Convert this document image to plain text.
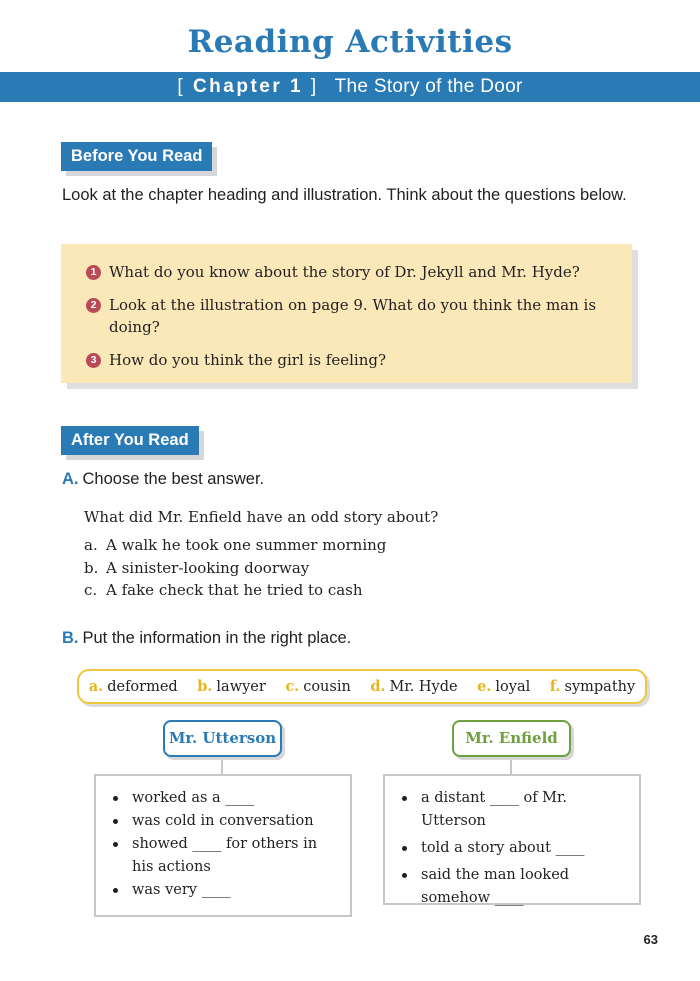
Reading Activities
[ Chapter 1 ] The Story of the Door
Before You Read
Look at the chapter heading and illustration. Think about the questions below.
1 What do you know about the story of Dr. Jekyll and Mr. Hyde?
2 Look at the illustration on page 9. What do you think the man is doing?
3 How do you think the girl is feeling?
After You Read
A. Choose the best answer.
What did Mr. Enfield have an odd story about?
a. A walk he took one summer morning
b. A sinister-looking doorway
c. A fake check that he tried to cash
B. Put the information in the right place.
a. deformed b. lawyer c. cousin d. Mr. Hyde e. loyal f. sympathy
Mr. Utterson	Mr. Enfield
worked as a ____
was cold in conversation
showed ____ for others in his actions
was very ____
a distant ____ of Mr. Utterson
told a story about ____
said the man looked somehow ____
63
